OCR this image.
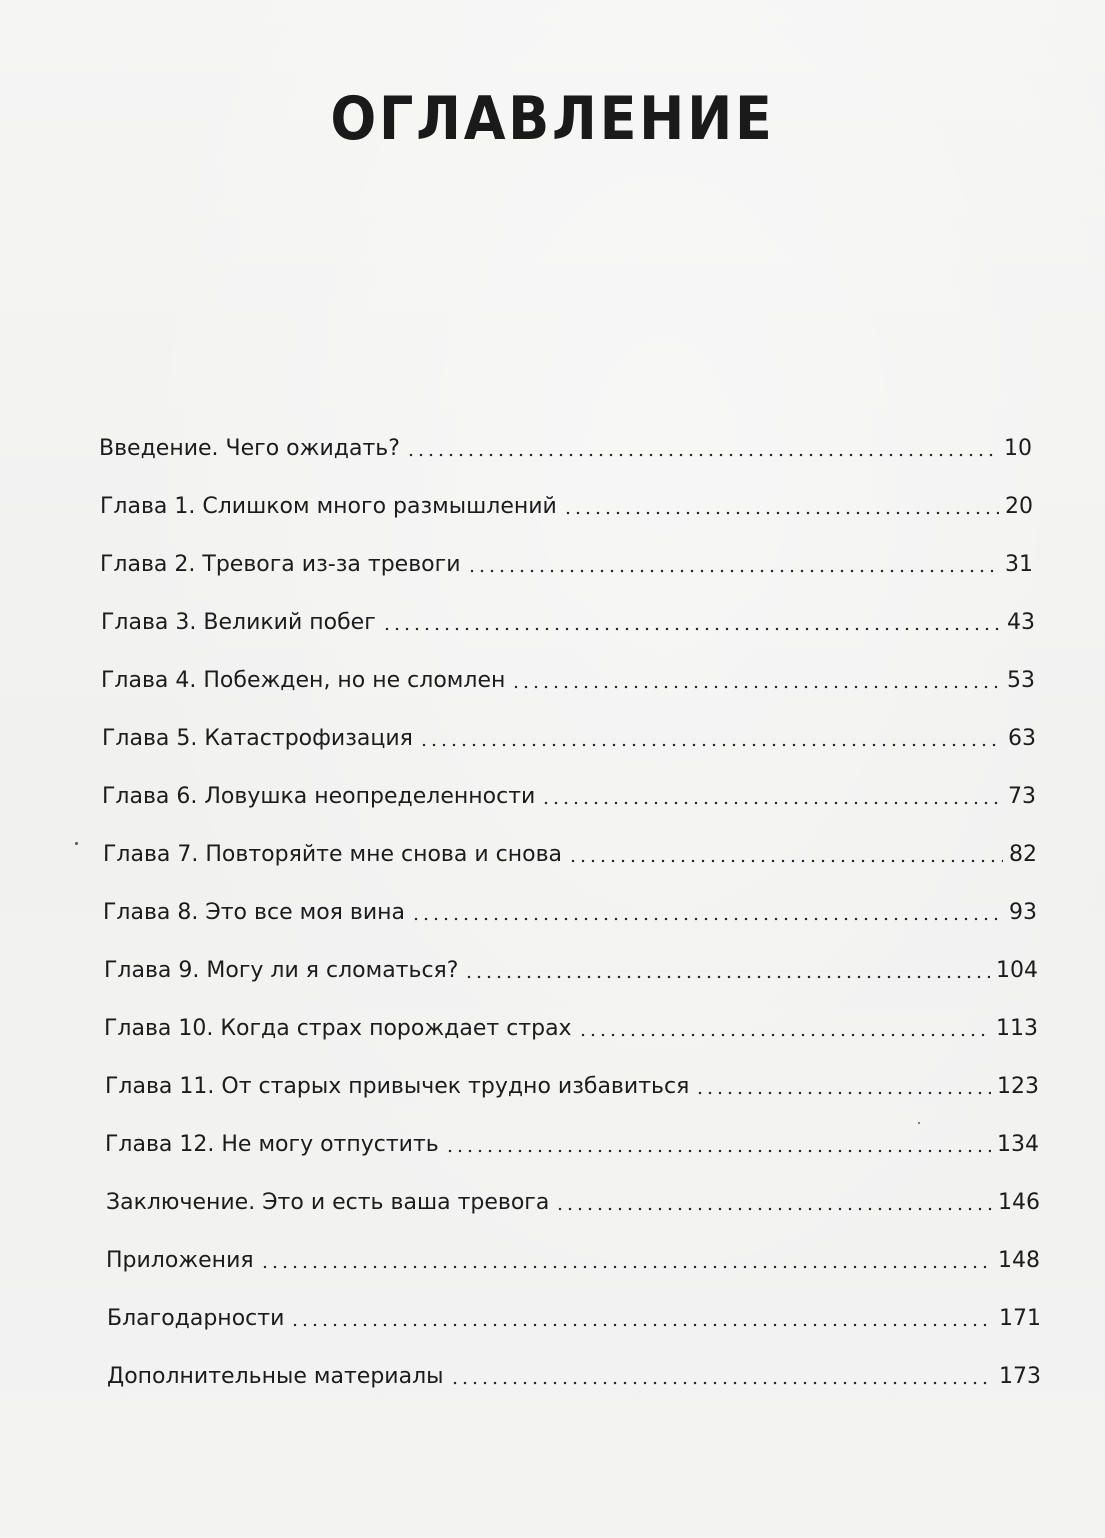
ОГЛАВЛЕНИЕ
Введение. Чего ожидать?	10
Глава 1. Слишком много размышлений	20
Глава 2. Тревога из-за тревоги	31
Глава 3. Великий побег	43
Глава 4. Побежден, но не сломлен	53
Глава 5. Катастрофизация	63
Глава 6. Ловушка неопределенности	73
Глава 7. Повторяйте мне снова и снова	82
Глава 8. Это все моя вина	93
Глава 9. Могу ли я сломаться?	104
Глава 10. Когда страх порождает страх	113
Глава 11. От старых привычек трудно избавиться	123
Глава 12. Не могу отпустить	134
Заключение. Это и есть ваша тревога	146
Приложения	148
Благодарности	171
Дополнительные материалы	173
